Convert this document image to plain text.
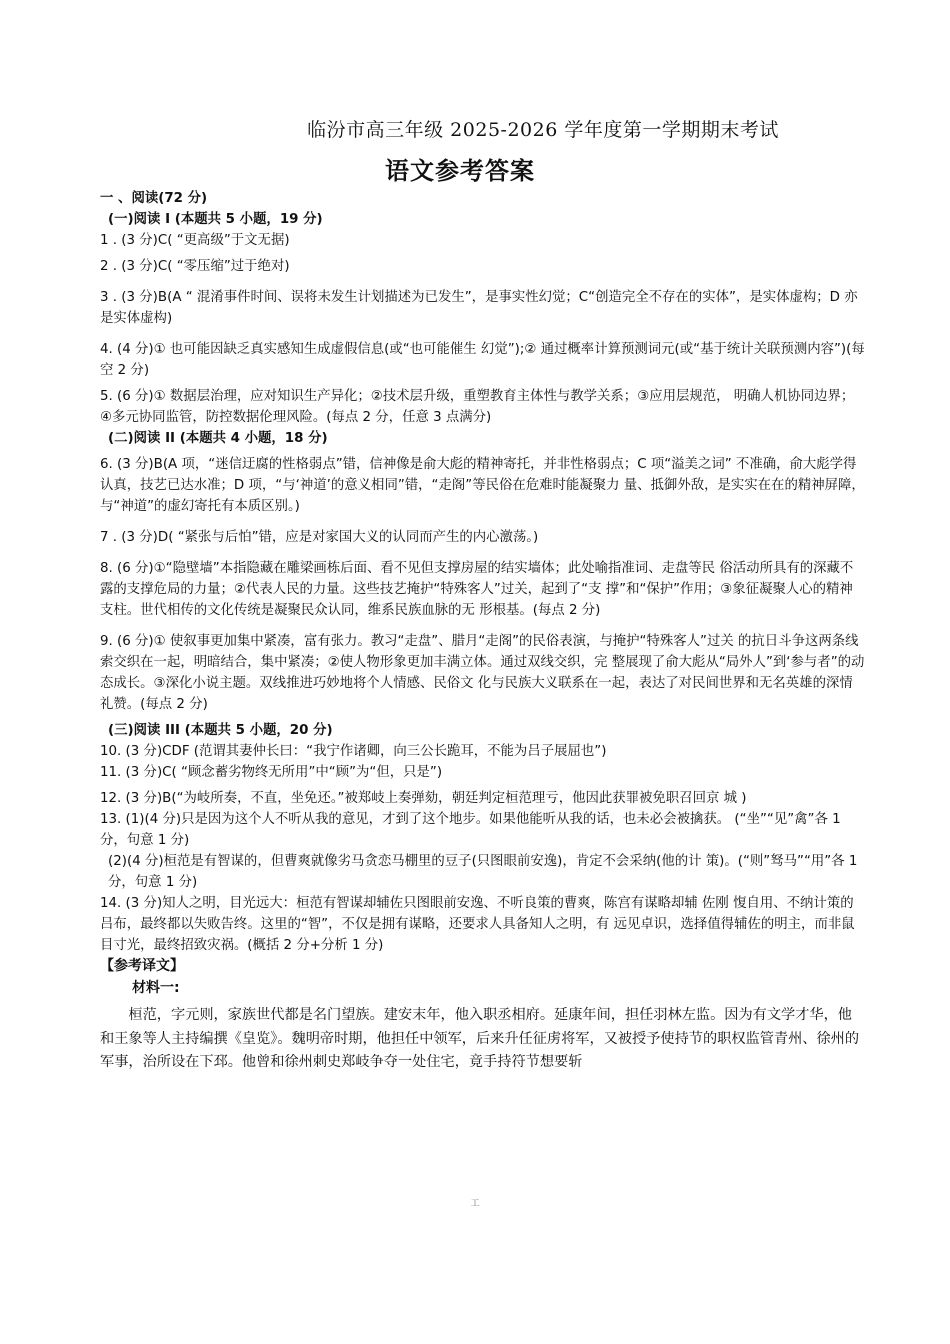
临汾市高三年级 2025-2026 学年度第一学期期末考试
语文参考答案

一 、阅读(72 分)

(一)阅读 I (本题共 5 小题，19 分)

1 . (3 分)C( “更高级”于文无据)

2 . (3 分)C( “零压缩”过于绝对)

3 . (3 分)B(A “ 混淆事件时间、误将未发生计划描述为已发生”，是事实性幻觉；C“创造完全不存在的实体”，是实体虚构；D 亦是实体虚构)

4. (4 分)① 也可能因缺乏真实感知生成虚假信息(或“也可能催生 幻觉”);② 通过概率计算预测词元(或“基于统计关联预测内容”)(每空 2 分)

5. (6 分)① 数据层治理，应对知识生产异化；②技术层升级，重塑教育主体性与教学关系；③应用层规范， 明确人机协同边界；④多元协同监管，防控数据伦理风险。(每点 2 分，任意 3 点满分)

(二)阅读 II (本题共 4 小题，18 分)

6. (3 分)B(A 项，“迷信迂腐的性格弱点”错，信神像是俞大彪的精神寄托，并非性格弱点；C 项“溢美之词” 不准确，俞大彪学得认真，技艺已达水准；D 项，“与‘神道’的意义相同”错，“走阁”等民俗在危难时能凝聚力 量、抵御外敌，是实实在在的精神屏障，与“神道”的虚幻寄托有本质区别。)

7 . (3 分)D( “紧张与后怕”错，应是对家国大义的认同而产生的内心激荡。)

8. (6 分)①“隐壁墙”本指隐藏在雕梁画栋后面、看不见但支撑房屋的结实墙体；此处喻指准词、走盘等民 俗活动所具有的深藏不露的支撑危局的力量；②代表人民的力量。这些技艺掩护“特殊客人”过关，起到了“支 撑”和“保护”作用；③象征凝聚人心的精神支柱。世代相传的文化传统是凝聚民众认同，维系民族血脉的无 形根基。(每点 2 分)

9. (6 分)① 使叙事更加集中紧凑，富有张力。教习“走盘”、腊月“走阁”的民俗表演，与掩护“特殊客人”过关 的抗日斗争这两条线索交织在一起，明暗结合，集中紧凑；②使人物形象更加丰满立体。通过双线交织，完 整展现了俞大彪从“局外人”到‘参与者”的动态成长。③深化小说主题。双线推进巧妙地将个人情感、民俗文 化与民族大义联系在一起，表达了对民间世界和无名英雄的深情礼赞。(每点 2 分)

(三)阅读 III (本题共 5 小题，20 分)

10. (3 分)CDF (范谓其妻仲长曰：“我宁作诸卿，向三公长跪耳，不能为吕子展屈也”)

11. (3 分)C( “顾念蓄劣物终无所用”中“顾”为“但，只是”)

12. (3 分)B(“为岐所奏，不直，坐免还。”被郑岐上奏弹劾，朝廷判定桓范理亏，他因此获罪被免职召回京 城 )

13. (1)(4 分)只是因为这个人不听从我的意见，才到了这个地步。如果他能听从我的话，也未必会被擒获。 (“坐”“见”禽”各 1 分，句意 1 分)

(2)(4 分)桓范是有智谋的，但曹爽就像劣马贪恋马棚里的豆子(只图眼前安逸)，肯定不会采纳(他的计 策)。(“则”驽马”“用”各 1 分，句意 1 分)

14. (3 分)知人之明，目光远大：桓范有智谋却辅佐只图眼前安逸、不听良策的曹爽，陈宫有谋略却辅 佐刚 愎自用、不纳计策的吕布，最终都以失败告终。这里的“智”，不仅是拥有谋略，还要求人具备知人之明，有 远见卓识，选择值得辅佐的明主，而非鼠目寸光，最终招致灾祸。(概括 2 分+分析 1 分)

【参考译文】

材料一:

桓范，字元则，家族世代都是名门望族。建安末年，他入职丞相府。延康年间，担任羽林左监。因为有文学才华，他和王象等人主持编撰《皇览》。魏明帝时期，他担任中领军，后来升任征虏将军，又被授予使持节的职权监管青州、徐州的军事，治所设在下邳。他曾和徐州刺史郑岐争夺一处住宅，竟手持符节想要斩

工
